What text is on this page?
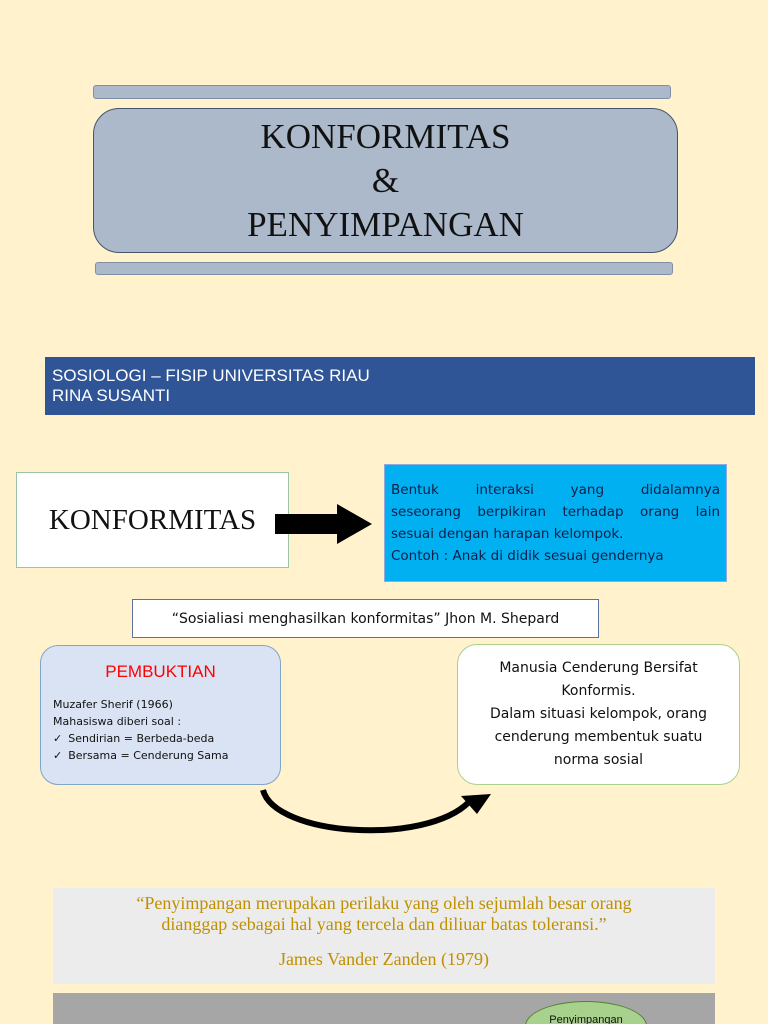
KONFORMITAS
&
PENYIMPANGAN
SOSIOLOGI – FISIP UNIVERSITAS RIAU
RINA SUSANTI
KONFORMITAS
Bentuk interaksi yang didalamnya
seseorang berpikiran terhadap orang lain
sesuai dengan harapan kelompok.
Contoh : Anak di didik sesuai gendernya
“Sosialiasi menghasilkan konformitas” Jhon M. Shepard
PEMBUKTIAN
Muzafer Sherif (1966)
Mahasiswa diberi soal :
✓ Sendirian = Berbeda-beda
✓ Bersama = Cenderung Sama
Manusia Cenderung Bersifat
Konformis.
Dalam situasi kelompok, orang
cenderung membentuk suatu
norma sosial
“Penyimpangan merupakan perilaku yang oleh sejumlah besar orang
dianggap sebagai hal yang tercela dan diliuar batas toleransi.”
James Vander Zanden (1979)
Penyimpangan
